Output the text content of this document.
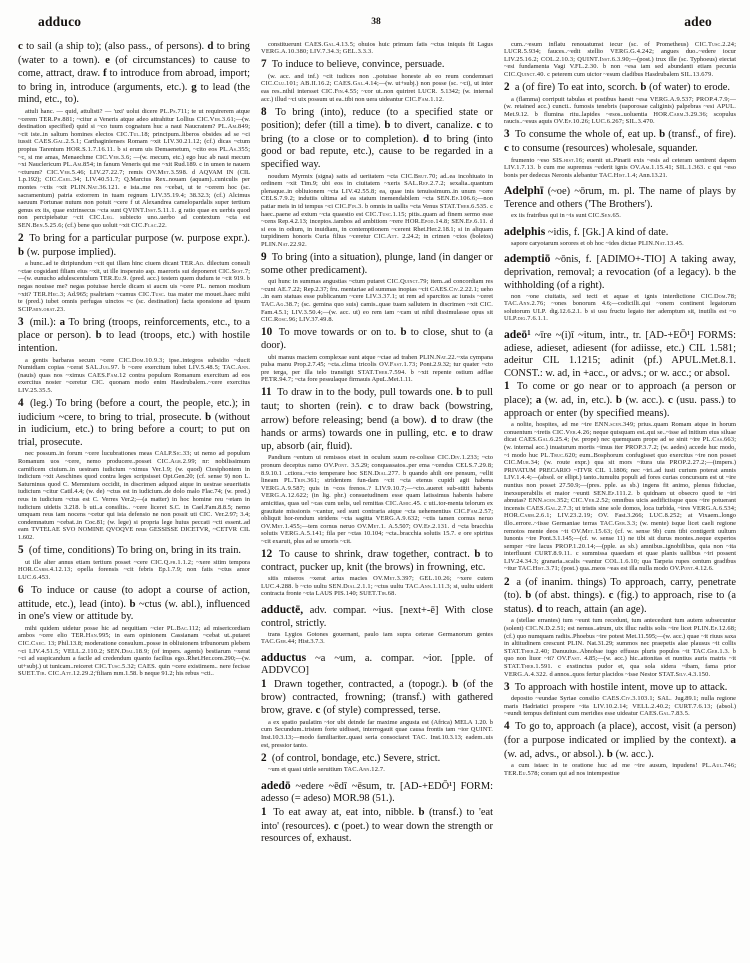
adduco	38	adeo

c to sail (a ship to); (also pass., of persons). d to bring (water to a town). e (of circumstances) to cause to come, attract, draw. f to introduce from abroad, import; to bring in, introduce (arguments, etc.). g to lead (the mind, etc., to).

attuli hanc. — quid, attulisti? — 'uxi' uolui dicere PL.Ps.711; te ut requirerem atque ~cerem TER.Ph.881; ~citur a Veneris atque adeo attrahitur Lollius CIC.Ver.3.61;—(w. destination specified) quid si ~co tuum cognatum huc a naui Naucratem? PL.Am.849; ~cit iste..in saltum homines electos CIC.Tul.18; principum..liberos obsides ad se ~ci iussit CAES.Gal.2.5.1; Carthaginienses Romam ~xit LIV.30.21.12; (cf.) dicas ~ctum propius Tarentum HOR.S.1.7.16.11. b si erum uis Demaenetum, ~cito eos PL.As.355; ~c, si me amas, Menaechme CIC.Ver.3.6; —(w. mecum, etc.) ego huc ab naui mecum ~xi Nauclericum PL.Am.854; in fanum Veneris qui me ~xit Rud.189. c in umen te nauem ~cturum? CIC.Ver.5.46; LIV.27.22.7; remis OV.Met.3.598. d AQVAM IN (CIL 1.p.192); CIC.Cael.34; LIV.40.51.7; Q.Marcius Rex..nouam (aquam)..cuniculis per montes ~ctis ~xit PLIN.Nat.36.121. e ista..me res ~cebat, ut te ~cerem hoc (sc. sacramentum) patria extorrem in tuam regnum LIV.35.19.4; 38.32.3; (cf.) Alcimus saeuum Fortunae nutum non potuit ~cere f ut Alexandrea camelopardalis super tertium genus ex iis, quae extrinsecus ~cta sunt QVINT.Inst.5.11.1. g ratio quae ex uerbis quod non percipiebatur ~cit CIC.Leg. subiecto uno..uerbo ad contextum ~cta est SEN.Ben.5.25.6; (cf.) bene quo uoluit ~xit CIC.Flac.22.

2 To bring for a particular purpose (w. purpose expr.). b (w. purpose implied).

a hunc..ad te diripiundum ~cit qui illam hinc ciuem dicant TER.Ad. dilectum consuli ~ctae cogsidant filiam eius ~xit, ut ille insperato asp. maeroris sui deponeret CIC.Sest.7;—(w. eunucho adulescentulum TER.Eu.9. (pred. acc.) testem quem dudum te ~cit 919. b negas nouisse me? negas potuisse hercle dicam si aucm uis ~cere PL. nemon modium ~xit? TER.Hec.3; Ad.965; psaltriam ~camus CIC.Tusc. tua mater me mouet..haec mihi te (pred.) iubet omnis perfugas uinctos ~c (sc. destination) facta sponsione ad ipsum SCIP.min.orat.23.

3 (mil.): a To bring (troops, reinforcements, etc., to a place or person). b to lead (troops, etc.) with hostile intention.

a gentis barbaras secum ~cere CIC.Dom.10.9.3; ipse..integros subsidio ~ducit Numidiam copias ~cerat SAL.Jug.97. b ~cere exercitum iubet LIV.5.48.5; TAC.Ann. (nauis) quas nos ~ximus CAES.Fam.12 contra populum Romanum exercitum ad eos exercitus noster ~ceretur CIC. quonam modo enim Hasdrubalem..~cere exercitus LIV.25.35.5.

4 (leg.) To bring (before a court, the people, etc.); in iudicium ~cere, to bring to trial, prosecute. b (without in iudicium, etc.) to bring before a court; to put on trial, prosecute.

nec possum..in forum ~cere lucubrationes meas CALP.Sic.33; ut nemo ad populum Romanum uos ~cere, nemo producere..posset CIC.Agr.2.99; nr: nobilissimum carnificem ciuium..in uestram iudicium ~ximus Ver.1.9; (w. quod) Ctesiphontem in indicium ~xit Aeschines quod contra leges scripsisset Opt.Gen.20; (cf. sense 9) non L. Saturninus quod C. Memmium occidit, in discrimen adquod atque in uestrae seueritatis iudicium ~citur Catil.4.4; (w. de) ~ctus est in iudicium..de dolo malo Flac.74; (w. pred.) reus in iudicium ~ctus est C. Verres Ver.2;—(a matter) in hoc homine reu ~etam in iudicium uidetis 3.218. b uti..a consiliis.. ~cere liceret S.C. in Cael.Fam.8.8.5; nemo umquam reus iam nocens ~cetur qui ista defensio ne non possit uti CIC. Ver.2.97; 3.4; condemnatum ~cebat..in Coc.81; (w. lege) si propria lege huius peccati ~cti essent..ad eam TVTELAE SVO NOMINE QVOQVE reus GESSISSE DICETVR, ~CETVR CIL 1.602.

5 (of time, conditions) To bring on, bring in its train.

ut ille alter annus etiam tertium posset ~cere CIC.Q.fr.1.1.2; ~xere sitim tempora HOR.Carm.4.12.13; opella forensis ~cit febris Ep.1.7.9; non fatis ~ctus amor LUC.6.453.

6 To induce or cause (to adopt a course of action, attitude, etc.), lead (into). b ~ctus (w. abl.), influenced in one's view or attitude by.

mihi quidem uidetur posse hic ad nequitiam ~cier PL.Bac.112; ad misericordiam ambos ~cere elio TER.Han.995; in eam opinionem Cassianam ~cebat ut..putaret CIC.Caec. 13; Phil.13.8; moderatione consulum..posse in obliuionem tribunorum plebem ~ci LIV.4.51.5; VELL.2.110.2; SEN.Dial.18.9; (of impers. agents) bestiarum ~xerat ~ci ad suspicandum a facile ad credendum quanto facilius ego..Rhet.Her.com.290;—(w. ut+subj.) ut tunicam..reiceret CIC.Tusc.5.32; CAES. quin ~cere existimem.. nere fecisse SUET.Tib. CIC.Att.12.29.2;'filiam mm.1.58. b neque 91.2; his rebus ~cti..

constituerunt CAES.Gal.4.13.5; ohuios huic primum fatis ~ctus iniquis fit Lagus VERG.A.10.380; LIV.7.34.3; GEL.3.3.3.

7 To induce to believe, convince, persuade.

(w. acc. and inf.) ~cit iudices non ..potuisse honeste ab eo reum condemnari CIC.Clu.101; AB.II.16.2; CAES.Gal.4.14;—(w. ut+subj.) non posse (sc. ~ci), ut inter eas res..nihil intersset CIC.Fin.4.55; ~cor ut..non quiriret LUCR. 5.1342; (w. internal acc.) illud ~ci uix possum ut ea..tibi non uera uideantur CIC.Fam.1.12.

8 To bring (into), reduce (to a specified state or position); defer (till a time). b to divert, canalize. c to bring (to a close or to completion). d to bring (into good or bad repute, etc.), cause to be regarded in a specified way.

noudum Myrmix (signa) satis ad ueritatem ~cta CIC.Brut.70; ad..ea incohiuato in ordinem ~xit Tim.9; ubi eos in ciuitatem ~xeris SAL.Rep.2.7.2; sexalia..quantum plenaque..in obliuionem ~cta LIV.42.55.8; ea, quae inis tenuissimum..in unum ~cere CELS.7.9.2; indutiis ultima ad ea statum inemendabilem ~cta SEN.Ep.106.6;—non patiar meis in id tempus ~ci CIC.Fin.3. b omnis in uallis ~cta Venus STAT.Theb.6.535. c haec..paene ad extum ~cta quaestio est CIC.Tusc.1.15; pitis..quam ad finem sermo esse ~cens Rep.4.2.13; inceptos..iambos ad ambitiom ~rere HOR.Epod.14.8; SEN.Ep.6.11. d si eos in odium, in inuidiam, in contemptionem ~cerent Rhet.Her.2.18.1; si in aliquam turpidinem honoris Curia filius ~ceretur CIC.Att. 2.24.2; in crimen ~ctos (boletos) PLIN.Nat.22.92.

9 To bring (into a situation), plunge, land (in danger or some other predicament).

qui hunc in summas angustias ~ctum putaret CIC.Quinct.79; item..ad concordiam res ~cunt AE.7.22; Rep.2.37; fru. mentariae ad summas inopias ~cit CAES.Civ.2.22.1; ueho ..in eam statuas esse publicanum ~cere LIV.3.37.1; ut rem ad sparcitos ac iunsis ~ceret TAC.Ag.38.7; (sc. gemina quo suis) camis..quae tuam sallutem in discrimen ~xit CIC. Fam.4.5.1; LIV.3.50.4;—(w. acc. ut) eo rem iam ~cam ut nihil dissimulasse opus sit CIC.Rosc.96; LIV.37.49.8.

10 To move towards or on to. b to close, shut to (a door).

ubi manus maciem complexae sunt atque ~ctae ad trahen PLIN.Nat.22.~xta cympana pulsa manu Prop.2.7.45; ~cta..clima tricolis OV.Fast.1.73; Pont.2.9.32; tur quater ~cto pre terga, per illa telo transiigit STAT.Theb.7.594. b ~xit repente ostium adflae PETR.94.7; ~cta fore pessulaque firmauis ApuL.Met.1.11.

11 To draw in to the body, pull towards one. b to pull taut; to shorten (rein). c to draw back (bowstring, arrow) before releasing; bend (a bow). d to draw (the hands or arms) towards one in pulling, etc. e to draw up, absorb (air, fluid).

Pandium ~entum ui remissos eiset in oculum suum re-colisse CIC.Div.1.233; ~cto pronum deceptus ramo OV.Pont. 3.5.29; conquassatos..per ema ~cendus CELS.7.29.8; 8.9.10.1 ..ctiora..~cto temperare hoc SEN.Dial.277. b quando ahili ore pensum, ~ellit lineam PL.Trin.361; stridentem fun-dam ~cit ~cta etenus cupidi agit habena VERG.A.9.587; quis in ~cos frenos..? LIV.9.10.7;—~cto..aueret sub-stitit habenis VERG.A.12.622; (in lig. phr.) consuetudinem esse quam latissimus habenis habere amicitias, quas uel ~cas cum uelis, uel remittas CIC.Amic.45. c uti..tor-menta telorum ex grauitate missionis ~cantur, sed sunt contraria atque ~cta uehementius CIC.Fam.2.57; obliquit hor-rendum stridens ~cta sagitta VERG.A.9.632; ~ctis tamen cornus neruo OV.Met.1.455;—tem cornus neruo OV.Met.1. A.5.507; OV.Ep.2.131. d ~cta bracchia solutis VERG.A.5.141; fila per ~ctas 10.104; ~cta..bracchia solutis 15.7. e ore spiritus ~cit exaruit, plus ad se umoris ~cit.

12 To cause to shrink, draw together, contract. b to contract, pucker up, knit (the brows) in frowning, etc.

sitis miseros ~xerat artus macies OV.Met.3.397; GEL.10.26; ~xere cutem LUC.4.288. b ~cto uultu SEN.Dial.2.1.1; ~ctus uultu TAC.Ann.1.11.3; si, uultu uiderit contracta fronte ~cta LAUS PIS.140; SUET.Tib.68.

adductē, adv. compar. ~ius. [next+-ē] With close control, strictly.

trans Lygios Gotones gouernant, paulo iam supra ceterae Germanorum gentes TAC.Ger.44; Hist.3.7.3.

adductus ~a ~um, a. compar. ~ior. [pple. of ADDVCO]

1 Drawn together, contracted, a (topogr.). b (of the brow) contracted, frowning; (transf.) with gathered brow, grave. c (of style) compressed, terse.

a ex spatio paulatim ~ior ubi deinde far maxime angusta est (Africa) MELA 1.20. b cum Secundum..tristem forte uidisset, interrogauit quae causa frontis tam ~ior QUINT. Inst.10.3.13;—modo familiariter..quasi seria consociaret TAC. Inst.10.3.13; eadem..uis est, pressior tanto.

2 (of control, bondage, etc.) Severe, strict.

~um et quasi uirile seruitium TAC.Ann.12.7.

adedō ~edere ~ēdī ~ēsum, tr. [AD-+EDŌ¹] FORM: adesso (= adeso) MOR.98 (51.).

1 To eat away at, eat into, nibble. b (transf.) to 'eat into' (resources). c (poet.) to wear down the strength or resources of, exhaust.

cum..~esum inflatu renouatumst iecur (sc. of Prometheus) CIC.Tusc.2.24; LUCR.5.934; fauces..~edit stellio VERG.G.4.242; angues duo..~edere iocur LIV.25.16.2; COL.2.10.3; QUINT.Inst.6.3.90;—(post.) trux ille (sc. Typhoeus) eiectat ~esi fundamenta Vagi V.FL.2.30. b non ~esa iam sed abundanti etiam pecunia CIC.Quinct.40. c peterem cum uictor ~esum cladibus Hasdrubalem SIL.13.679.

2 a (of fire) To eat into, scorch. b (of water) to erode.

a (flamma) corripuit tabulas et postibus haesit ~esa VERG.A.9.537; PROP.4.7.9;—(w. retained acc.) cuncti.. fumosis tenebris (uaporosae caliginis) palpebras ~esi APUL. Met.9.12. b flumina ritu..lapides ~esos..uoluentia HOR.Carm.3.29.36; scopulus raucis..~esus aquis OV.Ep.10.26; LUC.6.267; SIL.3.470.

3 To consume the whole of, eat up. b (transf., of fire). c to consume (resources) wholesale, squander.

frumento ~eso SIS.hist.16; euenit ut..Pinarii exis ~esis ad ceteram uenirent dapem LIV.1.7.13. b cum me supremus ~ederit ignis OV.Am.1.15.41; SIL.1.363. c qui ~eso bonis per dedecus Neronis alebantur TAC.Hist.1.4; Ann.13.21.

Adelphī (~oe) ~ōrum, m. pl. The name of plays by Terence and others ('The Brothers').

ex iis fratribus qui in ~is sunt CIC.Sen.65.

adelphis ~idis, f. [Gk.] A kind of date.

sapore caryotarum sorores et ob hoc ~ides dictae PLIN.Nat.13.45.

ademptiō ~ōnis, f. [ADIMO+-TIO] A taking away, deprivation, removal; a revocation (of a legacy). b the withholding (of a right).

non ~one ciuitatis, sed tecti et aquae et ignis interdictione CIC.Dom.78; TAC.Ann.2.76; ~ones bonorum 4.6;—codicilli..qui ~onem continent legatorum solutorum ULP. dig.12.6.2.1. b si usu fructu legato iter ademptum sit, inutilis est ~o ULP.dig.7.6.1.1.

adeō¹ ~īre ~(i)ī ~itum, intr., tr. [AD-+EŌ¹] FORMS: adiese, adieset, adiesent (for adiisse, etc.) CIL 1.581; adeitur CIL 1.1215; adinit (pf.) APUL.Met.8.1. CONST.: w. ad, in +acc., or advs.; or w. acc.; or absol.

1 To come or go near or to approach (a person or place); a (w. ad, in, etc.). b (w. acc.). c (usu. pass.) to approach or enter (by specified means).

a nolite, hospites, ad me ~ire ENN.scen.349; prius..quam Romam atque in horum conuentum ~iretis CIC.Ver.4.26; neque quisquam est..qui se..~isse ad initium eius siluae dicat CAES.Gal.6.25.4; (w. prope) nec quemquam prope ad se sinit ~ire PL.Cas.663; (w. internal acc.) inuaturum mortis ~imus iter PROP.3.7.2; (w. aedes) accede huc modo, ~i modo huc PL.Truc.620; eum..Bosphorum confugisset quo exercitus ~ire non posset CIC.Mur.34; (w. route expr.) qua sit mors ~itura uia PROP.2.27.2;—(impers.) PRIVATUM PRECARIO ~ITVR CIL 1.1806; nec ~iri..ad iusti curium poterat amnis LIV.1.4.4;—(absol. or ellipt.) tanto..tumultu populi ad fores curias concursum est ut ~ire nuntius non posset 27.50.9;—(pres. pple. as sb.) ingens fit animo, plenus fiduciae, inexsuperabilis et maior ~eunti SEN.Ep.111.2. b quidnam ut obsecro quod te ~iri abnutas? ENN.scen.352; CIC.Ver.2.52; omnibus uicis aedificiisque quos ~ire potuerant incensis CAES.Gal.2.7.3; ut tristis sine sole domos, loca turbida, ~ires VERG.A.6.534; HOR.Carm.2.6.1; LIV.23.2.19; OV. Fast.3.266; LUC.8.252; at Vixaem..longo illo..errore..~iisse Germaniae terras TAC.Ger.3.3; (w. mente) isque licet caeli regione remotos mente deos ~it OV.Met.15.63; (cf. w. sense 9b) cum tibi contigerit uultum Iunonis ~ire Pont.3.1.145;—(cf. w. sense 11) ne tibi sit durus montes..neque expertos semper ~ire lacus PROP.1.20.14;—(pple. as sb.) amnibus..ignobilibus, quia non ~ita interfluunt CURT.8.9.11. c summissa quaedam et quae planis uallibus ~iri possent LIV.24.34.3; granaria..scalis ~eantur COL.1.6.10; qua Tarpeia rupes centum gradibus ~itur TAC.Hist.3.71; (post.) qua..meos ~eas est illa nulla modo OV.Pont.4.12.6.

2 a (of inanim. things) To approach, carry, penetrate (to). b (of abst. things). c (fig.) to approach, rise to (a status). d to reach, attain (an age).

a (stellae errantes) tum ~eunt tum recedunt, tum antecedunt tum autem subsecuntur (solent) CIC.N.D.2.51; est nemus..atrum, uix illuc radiis solis ~ire licet PLIN.Ep.12.68; (cf.) quo numquam radiis..Phoebus ~ire potest Met.11.595;—(w. acc.) quae ~it riuus saxa in altitudinem crescunt PLIN. Nat.31.29; summos nec praepetis alae plausus ~it collis STAT.Theb.2.40; Danuuius..Abnobae iugo effusus pluris populos ~it TAC.Ger.1.3. b quo non liuor ~it? OV.Fast. 4.85;—(w. acc.) hic..attonitas et nuntius auris matris ~it STAT.Theb.1.591. c exstinctus pudor et, qua sola sidera ~ibam, fama prior VERG.A.4.322. d annos..quos fertur placidos ~isse Nestor STAT.Silv.4.3.150.

3 To approach with hostile intent, move up to attack.

deposito ~eundae Syriae consilio CAES.Civ.3.103.1; SAL. Jug.89.1; nulla regione maris Hadriatici prospere ~ita LIV.10.2.14; VELL.2.40.2; CURT.7.6.13; (absol.) ~eundi tempus definiunt cum meridies esse uideatur CAES.Gal.7.83.5.

4 To go to, approach (a place), accost, visit (a person) (for a purpose indicated or implied by the context). a (w. ad, advs., or absol.). b (w. acc.).

a cum istaec in te oratione huc ad me ~ire ausum, inpudens! PL.Aul.746; TER.Eu.578; coram qui ad nos intempestiue
